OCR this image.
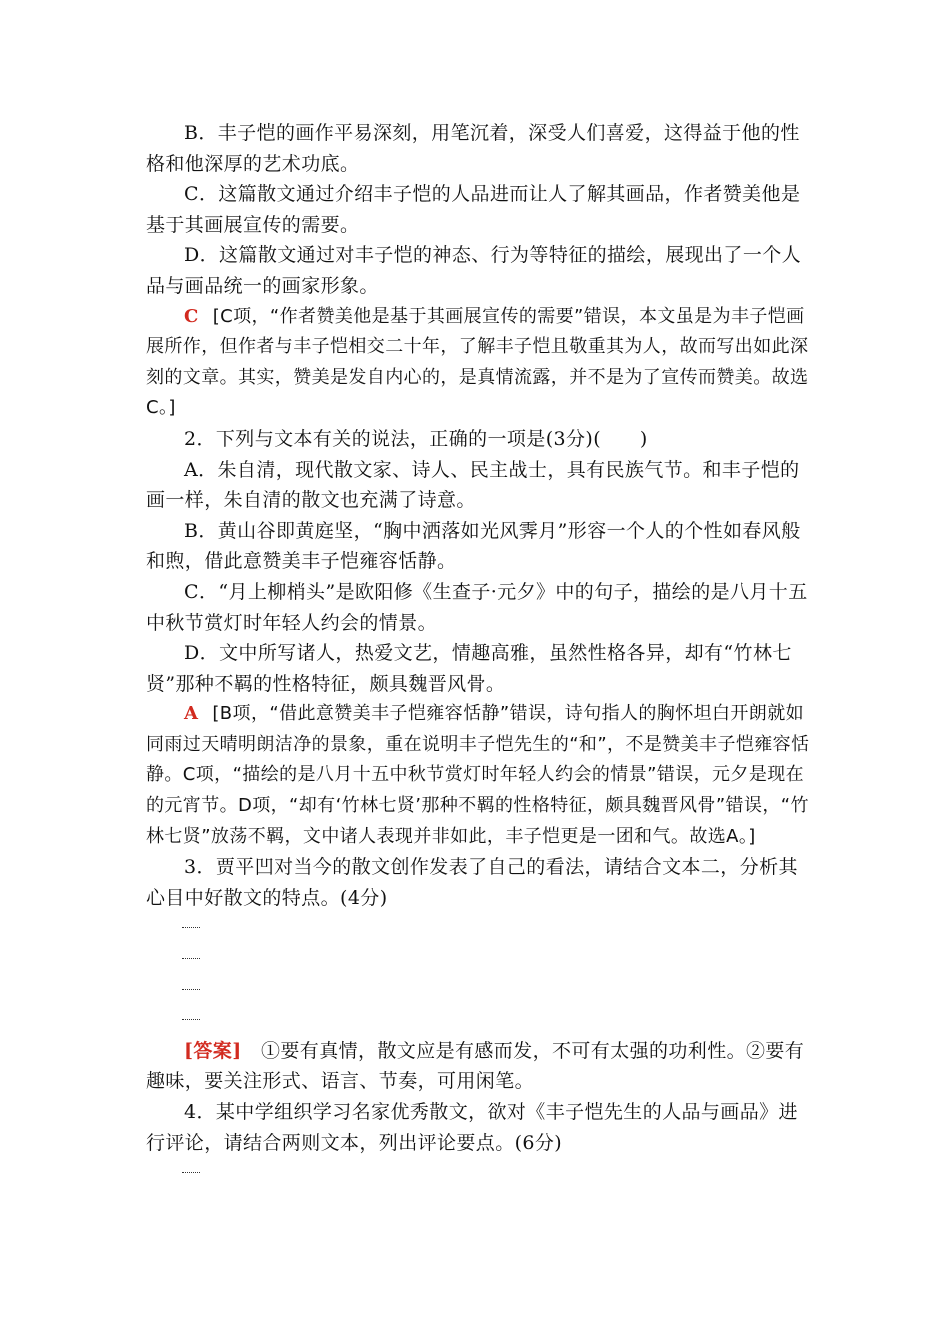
B．丰子恺的画作平易深刻，用笔沉着，深受人们喜爱，这得益于他的性格和他深厚的艺术功底。

C．这篇散文通过介绍丰子恺的人品进而让人了解其画品，作者赞美他是基于其画展宣传的需要。

D．这篇散文通过对丰子恺的神态、行为等特征的描绘，展现出了一个人品与画品统一的画家形象。

C [C项，“作者赞美他是基于其画展宣传的需要”错误，本文虽是为丰子恺画展所作，但作者与丰子恺相交二十年，了解丰子恺且敬重其为人，故而写出如此深刻的文章。其实，赞美是发自内心的，是真情流露，并不是为了宣传而赞美。故选C。]

2．下列与文本有关的说法，正确的一项是(3分)(　　)

A．朱自清，现代散文家、诗人、民主战士，具有民族气节。和丰子恺的画一样，朱自清的散文也充满了诗意。

B．黄山谷即黄庭坚，“胸中洒落如光风霁月”形容一个人的个性如春风般和煦，借此意赞美丰子恺雍容恬静。

C．“月上柳梢头”是欧阳修《生查子·元夕》中的句子，描绘的是八月十五中秋节赏灯时年轻人约会的情景。

D．文中所写诸人，热爱文艺，情趣高雅，虽然性格各异，却有“竹林七贤”那种不羁的性格特征，颇具魏晋风骨。

A [B项，“借此意赞美丰子恺雍容恬静”错误，诗句指人的胸怀坦白开朗就如同雨过天晴明朗洁净的景象，重在说明丰子恺先生的“和”，不是赞美丰子恺雍容恬静。C项，“描绘的是八月十五中秋节赏灯时年轻人约会的情景”错误，元夕是现在的元宵节。D项，“却有‘竹林七贤’那种不羁的性格特征，颇具魏晋风骨”错误，“竹林七贤”放荡不羁，文中诸人表现并非如此，丰子恺更是一团和气。故选A。]

3．贾平凹对当今的散文创作发表了自己的看法，请结合文本二，分析其心目中好散文的特点。(4分)

[答案]　 ①要有真情，散文应是有感而发，不可有太强的功利性。②要有趣味，要关注形式、语言、节奏，可用闲笔。

4．某中学组织学习名家优秀散文，欲对《丰子恺先生的人品与画品》进行评论，请结合两则文本，列出评论要点。(6分)
